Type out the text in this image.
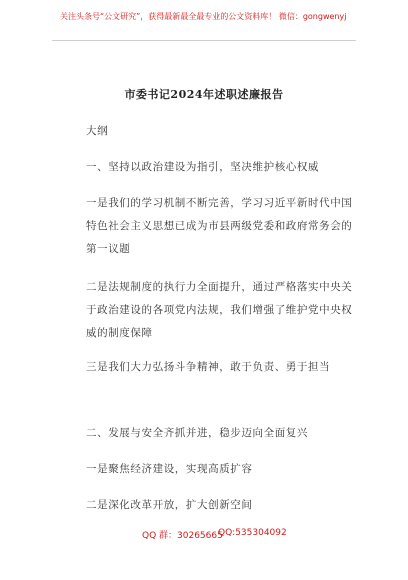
关注头条号“公文研究”，获得最新最全最专业的公文资料库！ 微信：gongwenyj
市委书记2024年述职述廉报告
大纲
一、坚持以政治建设为指引，坚决维护核心权威
一是我们的学习机制不断完善，学习习近平新时代中国特色社会主义思想已成为市县两级党委和政府常务会的第一议题
二是法规制度的执行力全面提升，通过严格落实中央关于政治建设的各项党内法规，我们增强了维护党中央权威的制度保障
三是我们大力弘扬斗争精神，敢于负责、勇于担当
二、发展与安全齐抓并进，稳步迈向全面复兴
一是聚焦经济建设，实现高质扩容
二是深化改革开放，扩大创新空间
QQ 群：30265665
QQ:535304092
